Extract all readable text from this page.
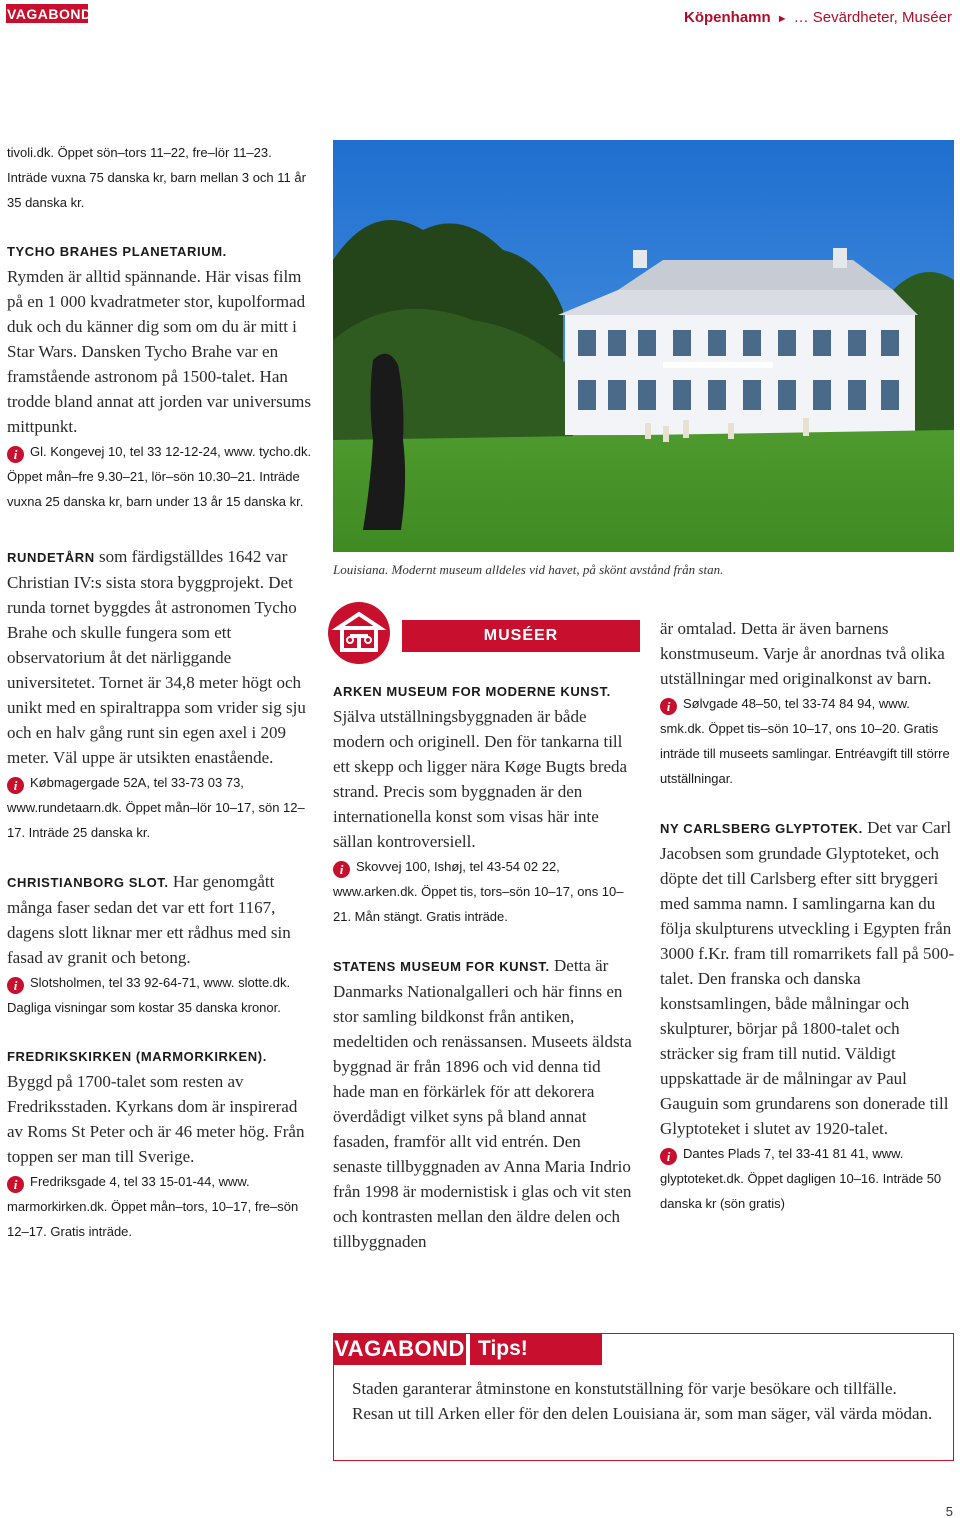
VAGABOND	Köpenhamn ► … Sevärdheter, Muséer

tivoli.dk. Öppet sön–tors 11–22, fre–lör 11–23. Inträde vuxna 75 danska kr, barn mellan 3 och 11 år 35 danska kr.

TYCHO BRAHES PLANETARIUM.

Rymden är alltid spännande. Här visas film på en 1 000 kvadratmeter stor, kupolformad duk och du känner dig som om du är mitt i Star Wars. Dansken Tycho Brahe var en framstående astronom på 1500-talet. Han trodde bland annat att jorden var universums mittpunkt.

i Gl. Kongevej 10, tel 33 12-12-24, www. tycho.dk. Öppet mån–fre 9.30–21, lör–sön 10.30–21. Inträde vuxna 25 danska kr, barn under 13 år 15 danska kr.

RUNDETÅRN som färdigställdes 1642 var Christian IV:s sista stora byggprojekt. Det runda tornet byggdes åt astronomen Tycho Brahe och skulle fungera som ett observatorium åt det närliggande universitetet. Tornet är 34,8 meter högt och unikt med en spiraltrappa som vrider sig sju och en halv gång runt sin egen axel i 209 meter. Väl uppe är utsikten enastående.

i Købmagergade 52A, tel 33-73 03 73, www.rundetaarn.dk. Öppet mån–lör 10–17, sön 12–17. Inträde 25 danska kr.

CHRISTIANBORG SLOT. Har genomgått många faser sedan det var ett fort 1167, dagens slott liknar mer ett rådhus med sin fasad av granit och betong.

i Slotsholmen, tel 33 92-64-71, www. slotte.dk. Dagliga visningar som kostar 35 danska kronor.

FREDRIKSKIRKEN (MARMORKIRKEN).

Byggd på 1700-talet som resten av Fredriksstaden. Kyrkans dom är inspirerad av Roms St Peter och är 46 meter hög. Från toppen ser man till Sverige.

i Fredriksgade 4, tel 33 15-01-44, www. marmorkirken.dk. Öppet mån–tors, 10–17, fre–sön 12–17. Gratis inträde.

Louisiana. Modernt museum alldeles vid havet, på skönt avstånd från stan.
MUSÉER

ARKEN MUSEUM FOR MODERNE KUNST. Själva utställningsbyggnaden är både modern och originell. Den för tankarna till ett skepp och ligger nära Køge Bugts breda strand. Precis som byggnaden är den internationella konst som visas här inte sällan kontroversiell.

i Skovvej 100, Ishøj, tel 43-54 02 22, www.arken.dk. Öppet tis, tors–sön 10–17, ons 10–21. Mån stängt. Gratis inträde.

STATENS MUSEUM FOR KUNST. Detta är Danmarks Nationalgalleri och här finns en stor samling bildkonst från antiken, medeltiden och renässansen. Museets äldsta byggnad är från 1896 och vid denna tid hade man en förkärlek för att dekorera överdådigt vilket syns på bland annat fasaden, framför allt vid entrén. Den senaste tillbyggnaden av Anna Maria Indrio från 1998 är modernistisk i glas och vit sten och kontrasten mellan den äldre delen och tillbyggnaden

är omtalad. Detta är även barnens konstmuseum. Varje år anordnas två olika utställningar med originalkonst av barn.

i Sølvgade 48–50, tel 33-74 84 94, www. smk.dk. Öppet tis–sön 10–17, ons 10–20. Gratis inträde till museets samlingar. Entréavgift till större utställningar.

NY CARLSBERG GLYPTOTEK. Det var Carl Jacobsen som grundade Glyptoteket, och döpte det till Carlsberg efter sitt bryggeri med samma namn. I samlingarna kan du följa skulpturens utveckling i Egypten från 3000 f.Kr. fram till romarrikets fall på 500-talet. Den franska och danska konstsamlingen, både målningar och skulpturer, börjar på 1800-talet och sträcker sig fram till nutid. Väldigt uppskattade är de målningar av Paul Gauguin som grundarens son donerade till Glyptoteket i slutet av 1920-talet.

i Dantes Plads 7, tel 33-41 81 41, www. glyptoteket.dk. Öppet dagligen 10–16. Inträde 50 danska kr (sön gratis)

VAGABOND Tips!

Staden garanterar åtminstone en konstutställning för varje besökare och tillfälle. Resan ut till Arken eller för den delen Louisiana är, som man säger, väl värda mödan.

5
